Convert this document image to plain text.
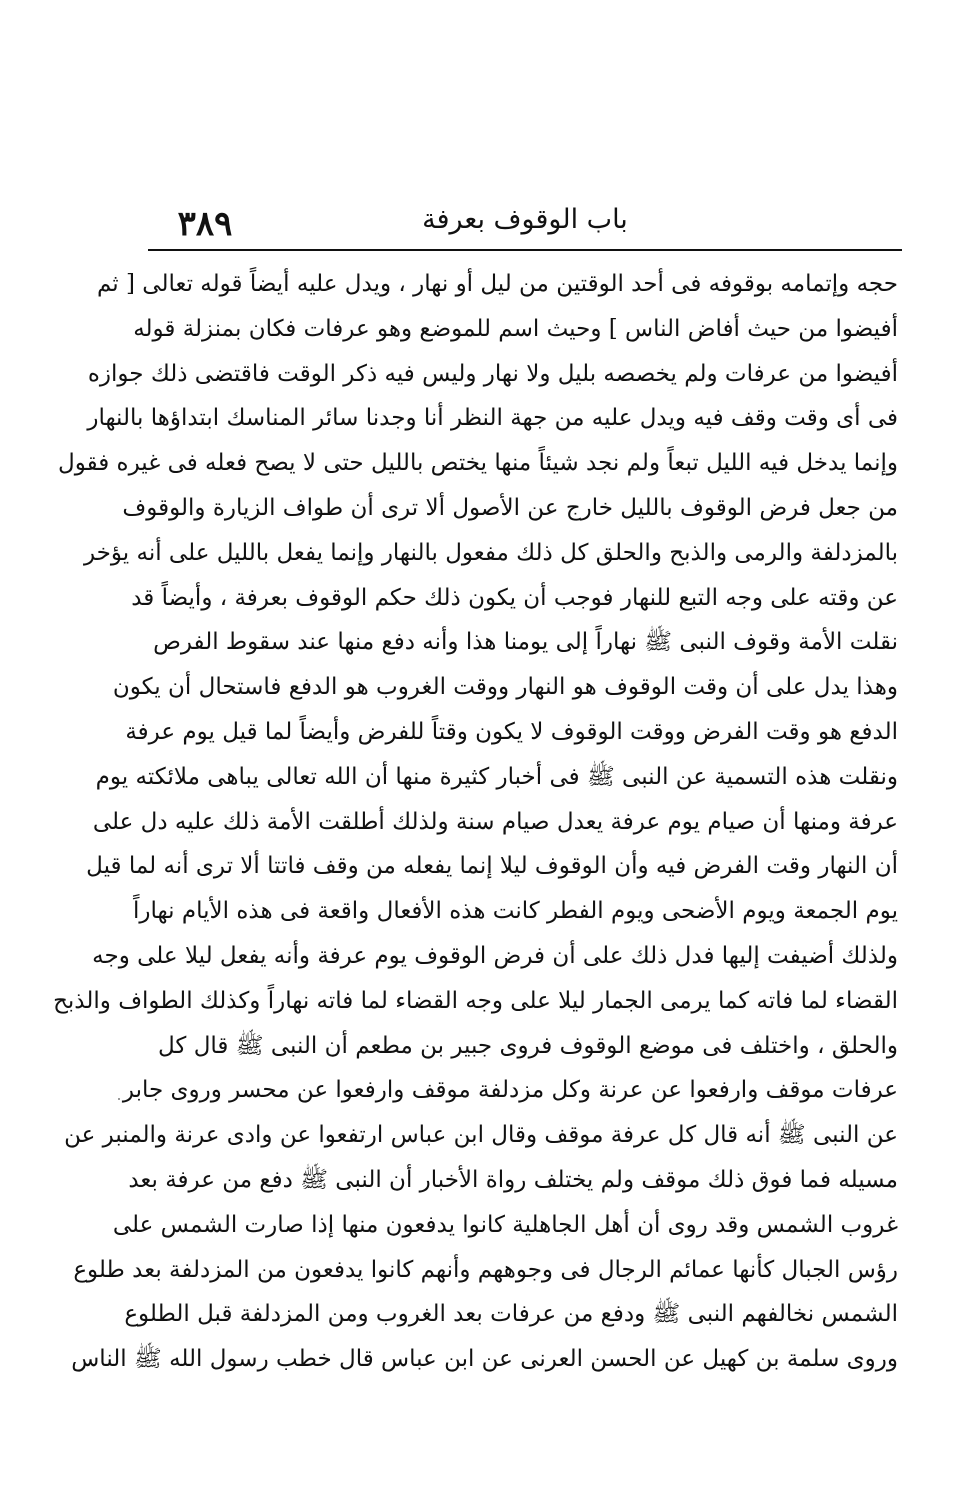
باب الوقوف بعرفة
٣٨٩
حجه وإتمامه بوقوفه فى أحد الوقتين من ليل أو نهار ، ويدل عليه أيضاً قوله تعالى [ ثم
أفيضوا من حيث أفاض الناس ] وحيث اسم للموضع وهو عرفات فكان بمنزلة قوله
أفيضوا من عرفات ولم يخصصه بليل ولا نهار وليس فيه ذكر الوقت فاقتضى ذلك جوازه
فى أى وقت وقف فيه ويدل عليه من جهة النظر أنا وجدنا سائر المناسك ابتداؤها بالنهار
وإنما يدخل فيه الليل تبعاً ولم نجد شيئاً منها يختص بالليل حتى لا يصح فعله فى غيره فقول
من جعل فرض الوقوف بالليل خارج عن الأصول ألا ترى أن طواف الزيارة والوقوف
بالمزدلفة والرمى والذبح والحلق كل ذلك مفعول بالنهار وإنما يفعل بالليل على أنه يؤخر
عن وقته على وجه التبع للنهار فوجب أن يكون ذلك حكم الوقوف بعرفة ، وأيضاً قد
نقلت الأمة وقوف النبى ﷺ نهاراً إلى يومنا هذا وأنه دفع منها عند سقوط الفرص
وهذا يدل على أن وقت الوقوف هو النهار ووقت الغروب هو الدفع فاستحال أن يكون
الدفع هو وقت الفرض ووقت الوقوف لا يكون وقتاً للفرض وأيضاً لما قيل يوم عرفة
ونقلت هذه التسمية عن النبى ﷺ فى أخبار كثيرة منها أن الله تعالى يباهى ملائكته يوم
عرفة ومنها أن صيام يوم عرفة يعدل صيام سنة ولذلك أطلقت الأمة ذلك عليه دل على
أن النهار وقت الفرض فيه وأن الوقوف ليلا إنما يفعله من وقف فاتتا ألا ترى أنه لما قيل
يوم الجمعة ويوم الأضحى ويوم الفطر كانت هذه الأفعال واقعة فى هذه الأيام نهاراً
ولذلك أضيفت إليها فدل ذلك على أن فرض الوقوف يوم عرفة وأنه يفعل ليلا على وجه
القضاء لما فاته كما يرمى الجمار ليلا على وجه القضاء لما فاته نهاراً وكذلك الطواف والذبح
والحلق ، واختلف فى موضع الوقوف فروى جبير بن مطعم أن النبى ﷺ قال كل
عرفات موقف وارفعوا عن عرنة وكل مزدلفة موقف وارفعوا عن محسر وروى جابر
عن النبى ﷺ أنه قال كل عرفة موقف وقال ابن عباس ارتفعوا عن وادى عرنة والمنبر عن
مسيله فما فوق ذلك موقف ولم يختلف رواة الأخبار أن النبى ﷺ دفع من عرفة بعد
غروب الشمس وقد روى أن أهل الجاهلية كانوا يدفعون منها إذا صارت الشمس على
رؤس الجبال كأنها عمائم الرجال فى وجوههم وأنهم كانوا يدفعون من المزدلفة بعد طلوع
الشمس نخالفهم النبى ﷺ ودفع من عرفات بعد الغروب ومن المزدلفة قبل الطلوع
وروى سلمة بن كهيل عن الحسن العرنى عن ابن عباس قال خطب رسول الله ﷺ الناس
